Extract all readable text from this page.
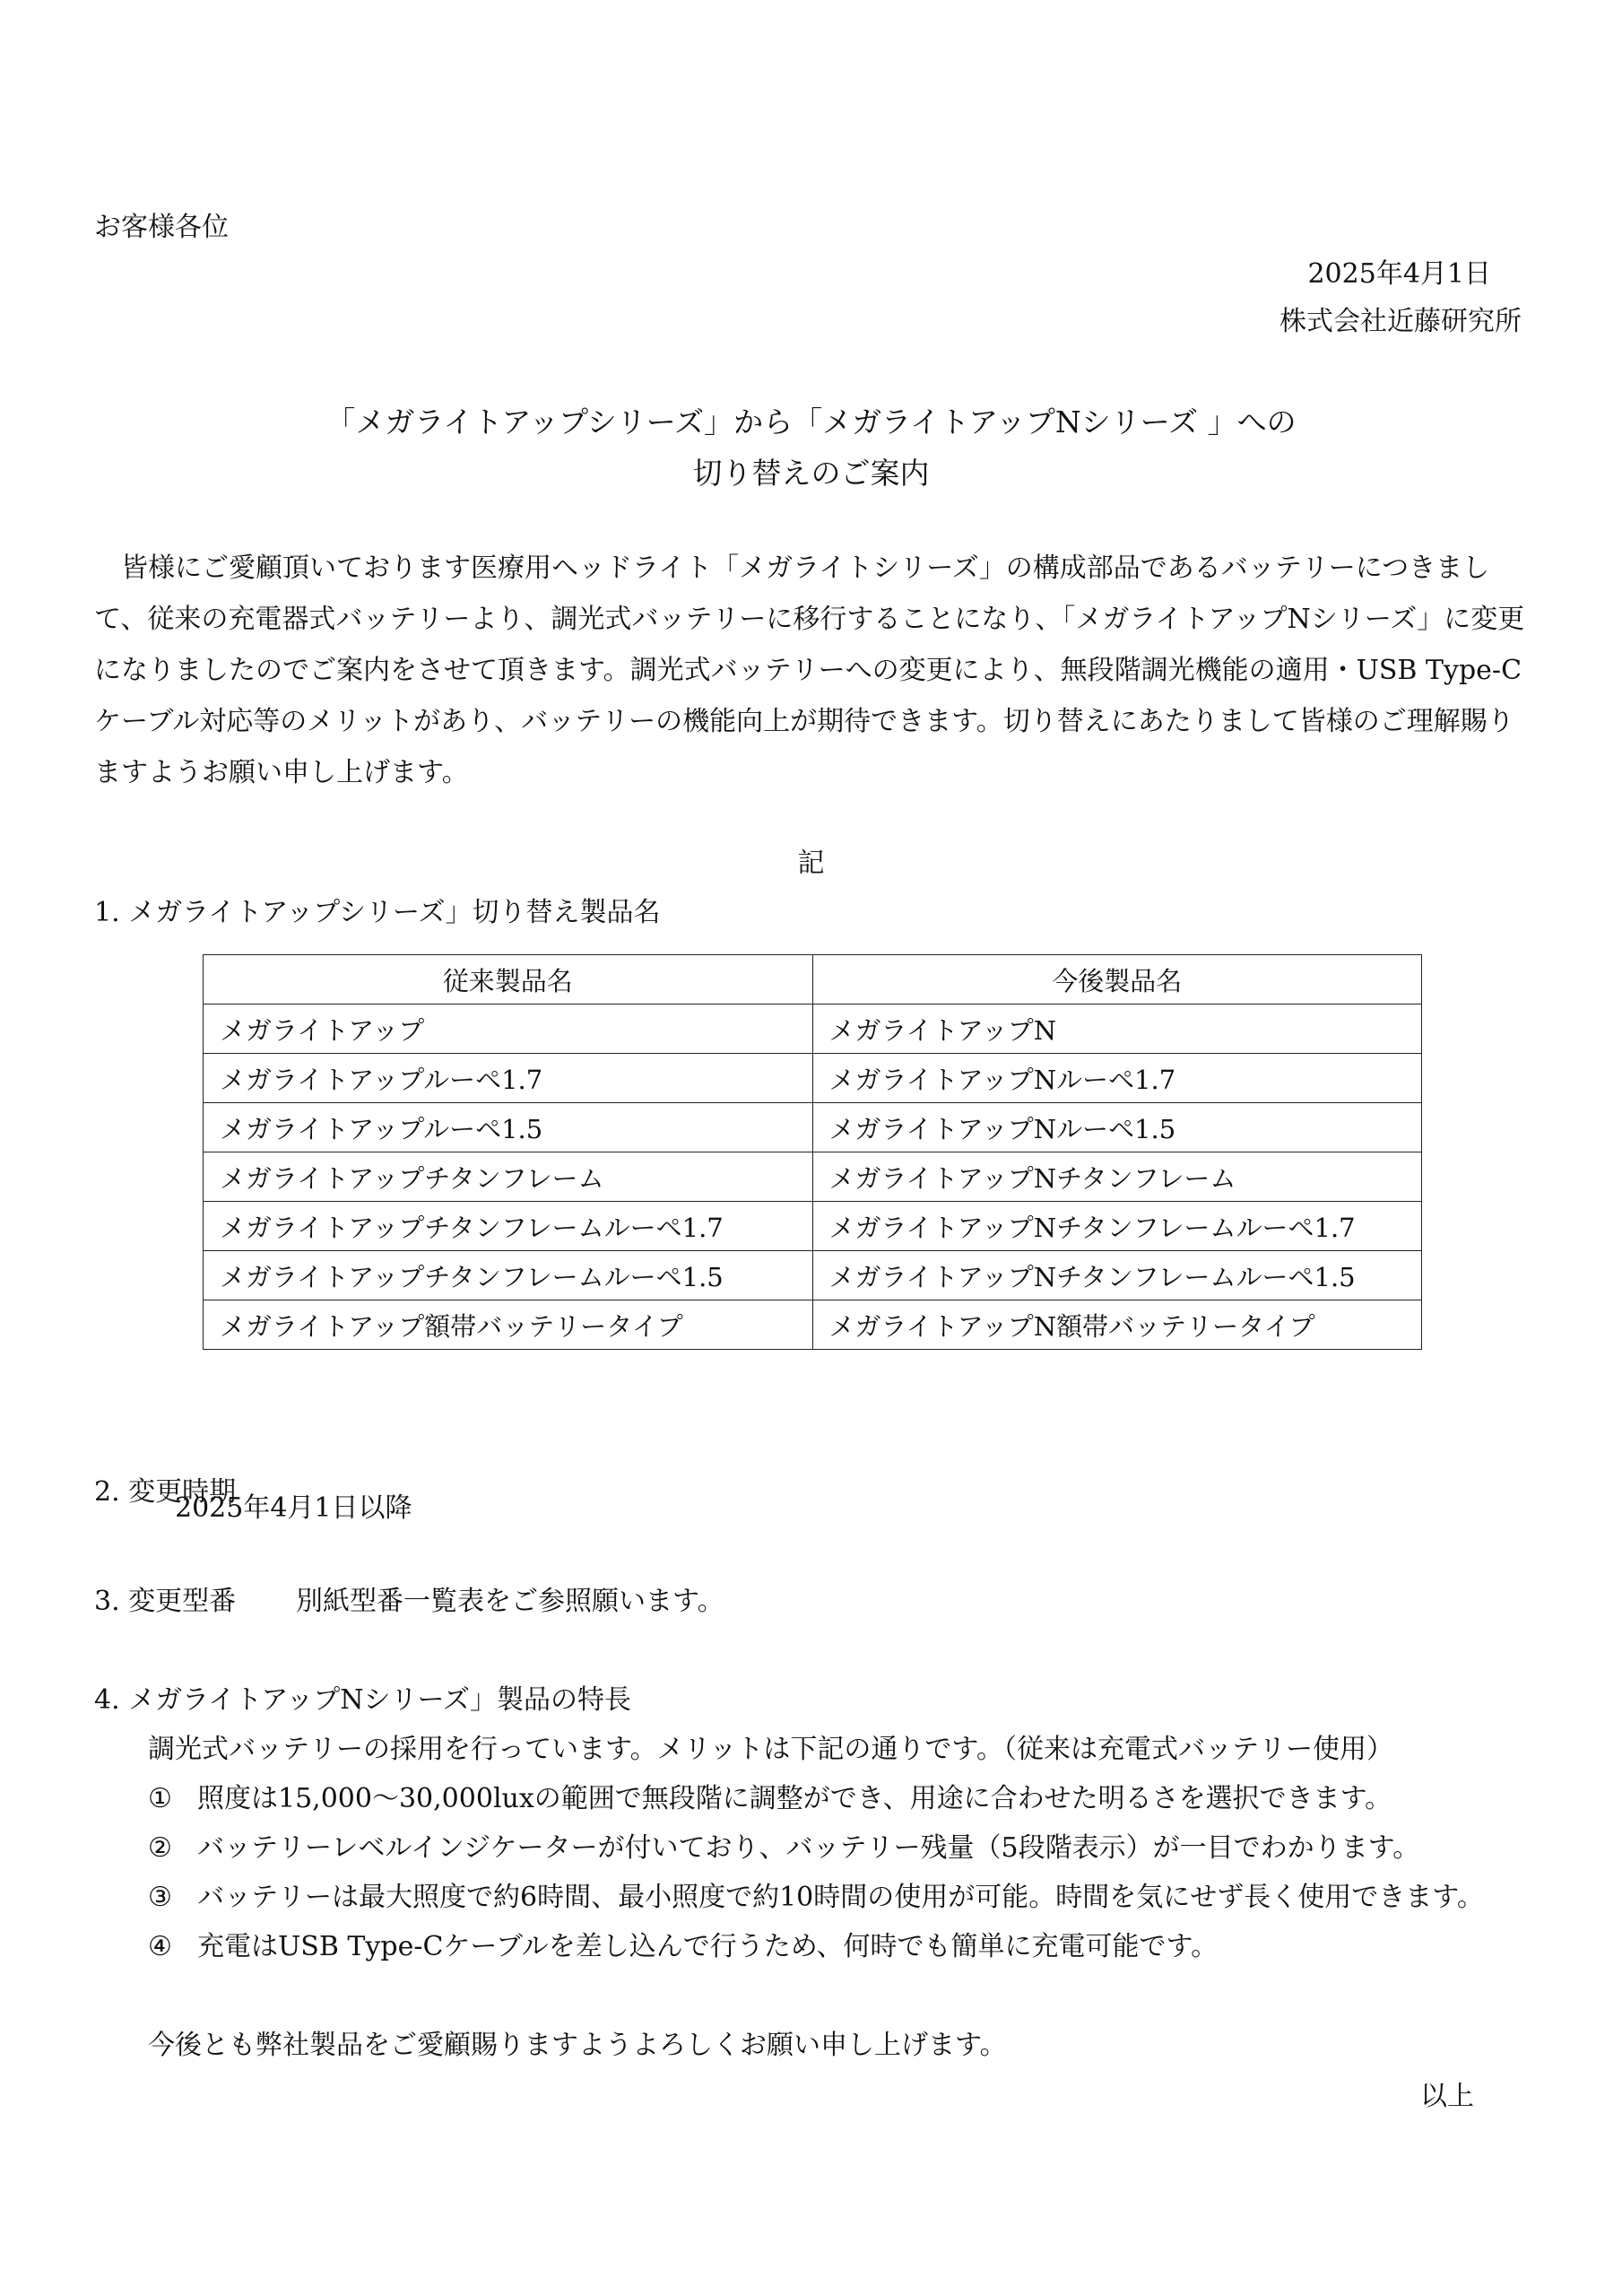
お客様各位
2025年4月1日
株式会社近藤研究所
「メガライトアップシリーズ」から「メガライトアップNシリーズ 」への
切り替えのご案内
皆様にご愛顧頂いております医療用ヘッドライト「メガライトシリーズ」の構成部品であるバッテリーにつきまして、従来の充電器式バッテリーより、調光式バッテリーに移行することになり、「メガライトアップNシリーズ」に変更になりましたのでご案内をさせて頂きます。調光式バッテリーへの変更により、無段階調光機能の適用・USB Type-Cケーブル対応等のメリットがあり、バッテリーの機能向上が期待できます。切り替えにあたりまして皆様のご理解賜りますようお願い申し上げます。
記
1. メガライトアップシリーズ」切り替え製品名
従来製品名	今後製品名
メガライトアップ	メガライトアップN
メガライトアップルーペ1.7	メガライトアップNルーペ1.7
メガライトアップルーペ1.5	メガライトアップNルーペ1.5
メガライトアップチタンフレーム	メガライトアップNチタンフレーム
メガライトアップチタンフレームルーペ1.7	メガライトアップNチタンフレームルーペ1.7
メガライトアップチタンフレームルーペ1.5	メガライトアップNチタンフレームルーペ1.5
メガライトアップ額帯バッテリータイプ	メガライトアップN額帯バッテリータイプ
2. 変更時期
2025年4月1日以降
3. 変更型番 別紙型番一覧表をご参照願います。
4. メガライトアップNシリーズ」製品の特長
調光式バッテリーの採用を行っています。メリットは下記の通りです。（従来は充電式バッテリー使用）
① 照度は15,000～30,000luxの範囲で無段階に調整ができ、用途に合わせた明るさを選択できます。
② バッテリーレベルインジケーターが付いており、バッテリー残量（5段階表示）が一目でわかります。
③ バッテリーは最大照度で約6時間、最小照度で約10時間の使用が可能。時間を気にせず長く使用できます。
④ 充電はUSB Type-Cケーブルを差し込んで行うため、何時でも簡単に充電可能です。
今後とも弊社製品をご愛顧賜りますようよろしくお願い申し上げます。
以上
